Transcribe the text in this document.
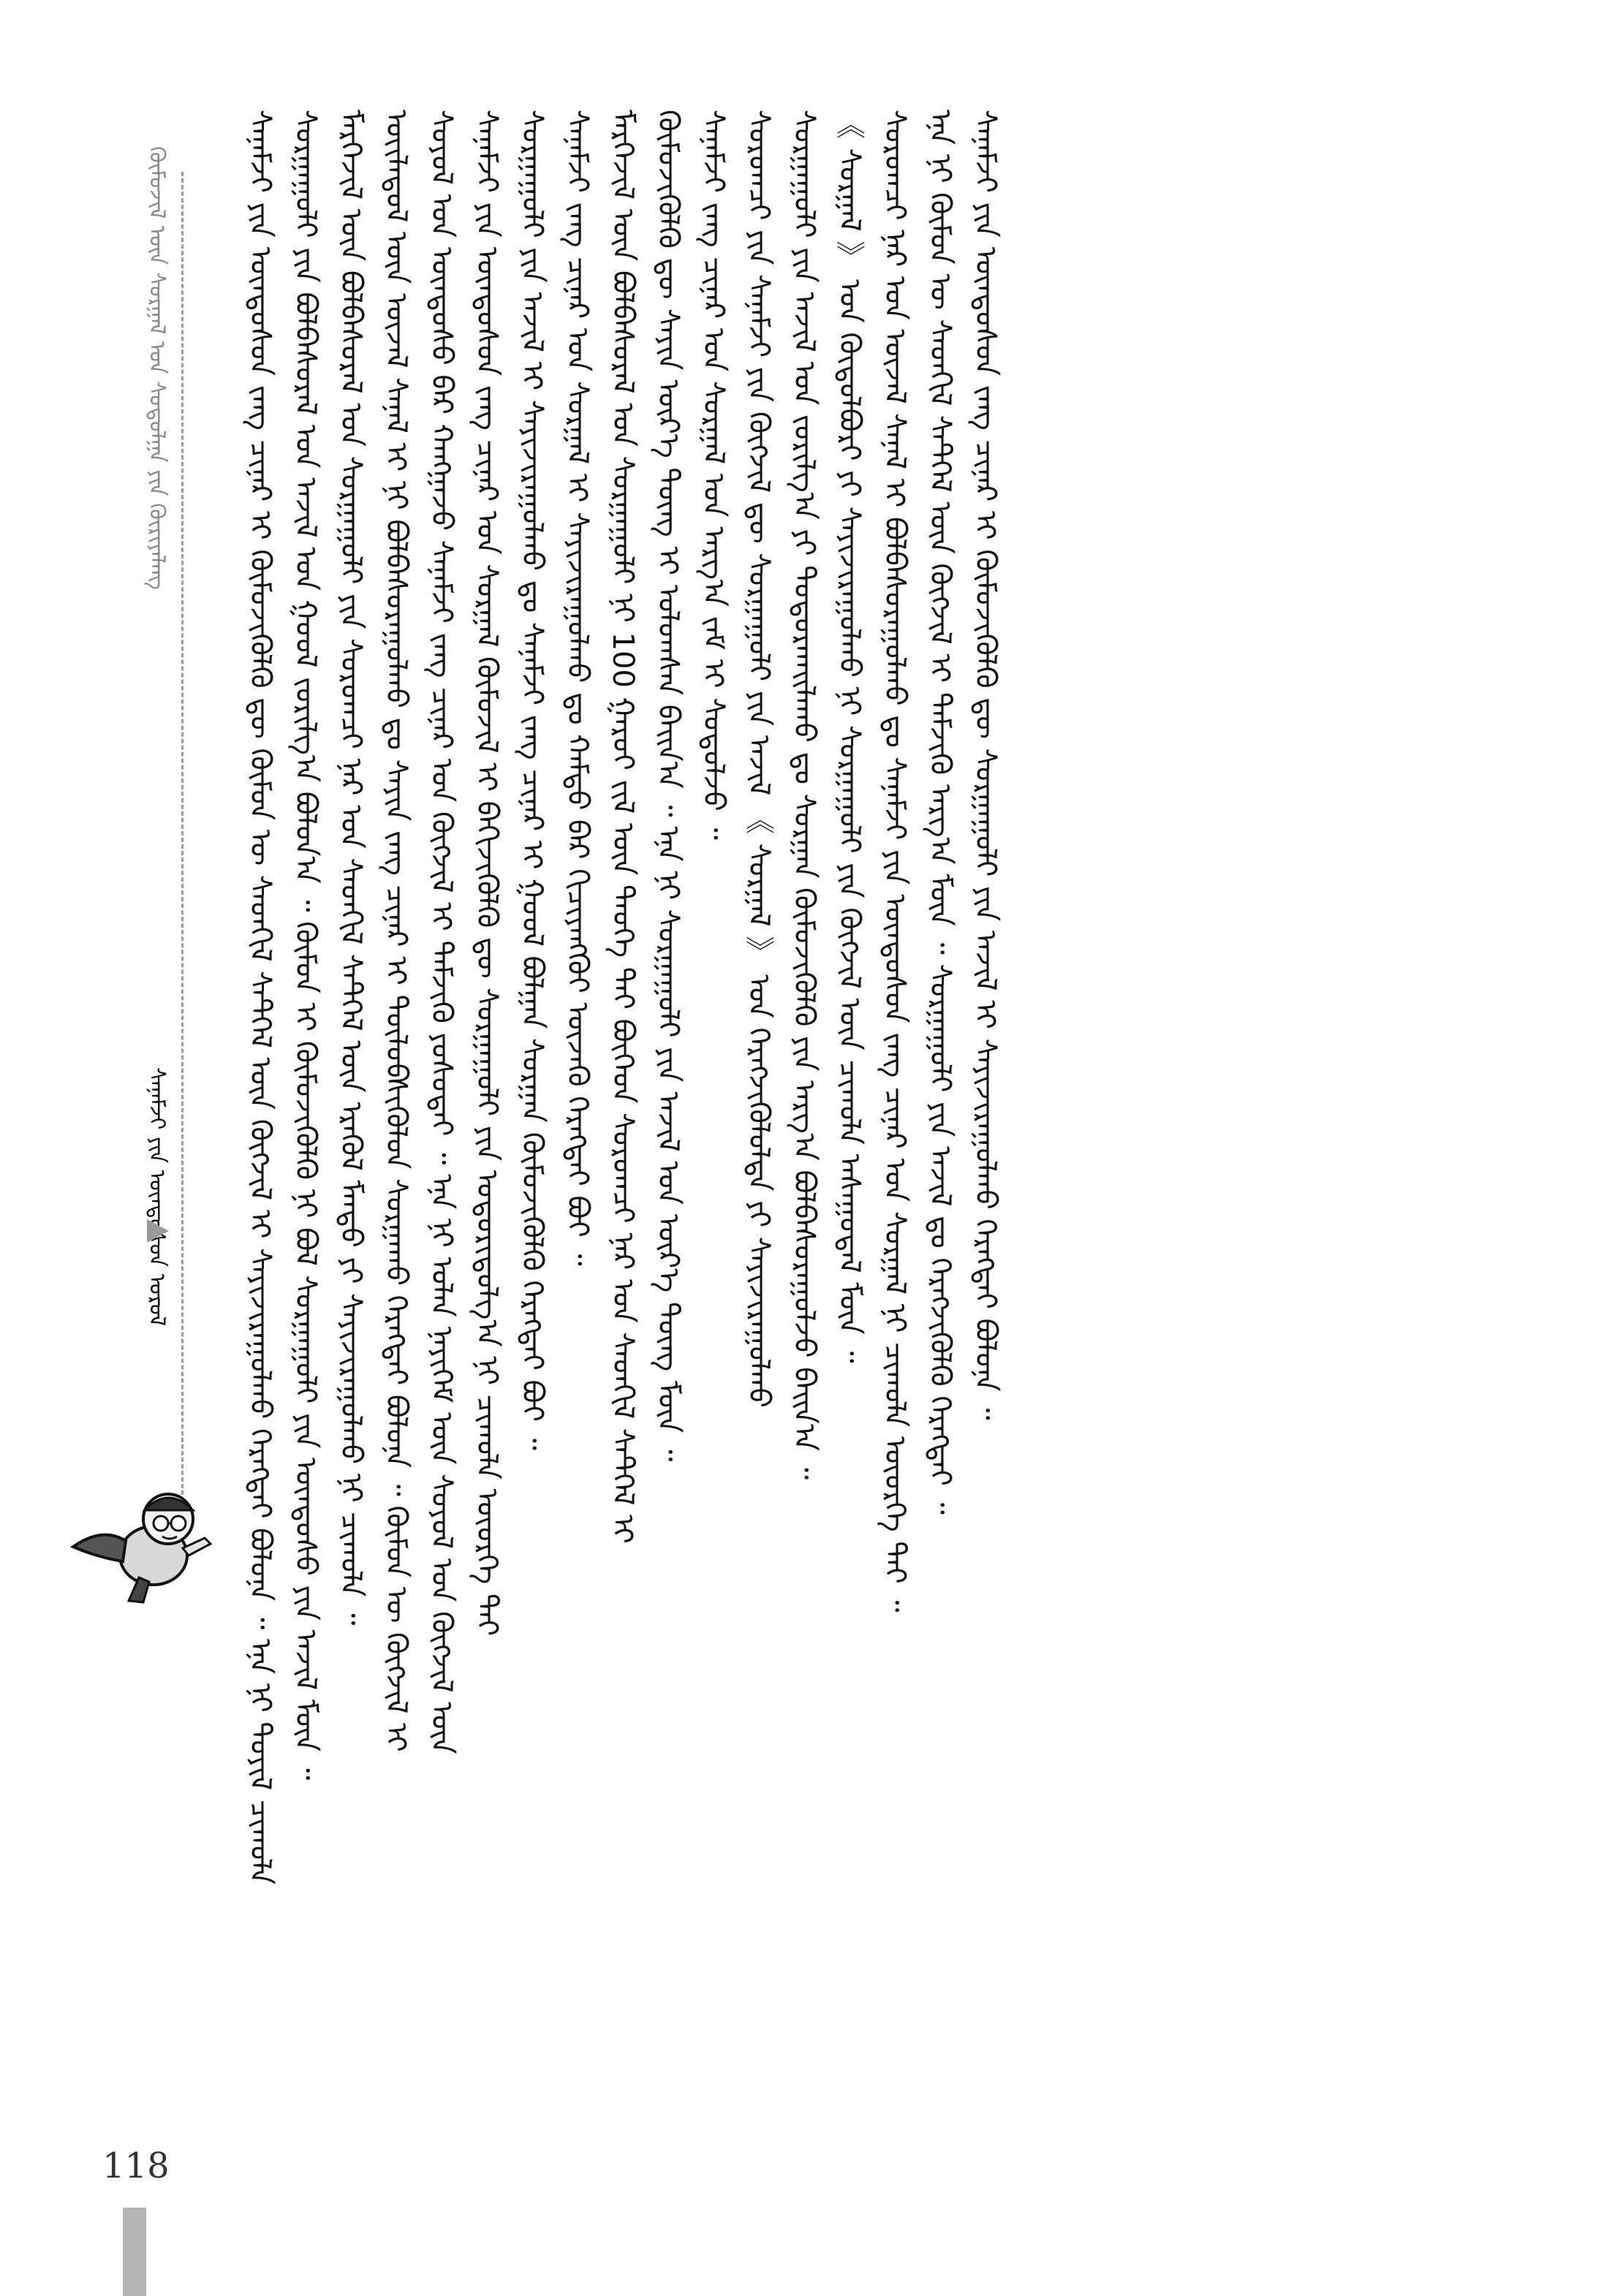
ᠰᠠᠨᠠᠮᠵᠢ ᠶᠢᠨ ᠦᠨᠳᠦᠰᠦᠨ ᠤᠷᠤᠯ
ᠬᠦᠮᠦᠵᠢᠯ ᠦᠨ ᠰᠤᠷᠭᠠᠯ ᠤᠨ ᠰᠤᠳᠤᠯᠭᠠ ᠶᠢᠨ ᠬᠦᠷᠢᠶᠡᠯᠡᠩ	ᠰᠠᠨᠠᠮᠵᠢ ᠶᠢᠨ ᠦᠨᠳᠦᠰᠦᠨ ᠵᠠᠩ ᠴᠢᠨᠠᠷ ᠢ ᠬᠦᠮᠦᠵᠢᠭᠦᠯᠬᠦ ᠳᠦ ᠬᠦᠮᠦᠨ ᠦ ᠰᠡᠳᠬᠢᠯ ᠰᠡᠲᠭᠡᠯ ᠦᠨ ᠬᠥᠭᠵᠢᠯ ᠢ ᠰᠠᠶᠢᠵᠢᠷᠠᠭᠤᠯᠬᠤ ᠬᠡᠷᠡᠭᠲᠡᠢ ᠪᠣᠯᠣᠨᠠ ᠃ ᠡᠨᠡ ᠨᠢ ᠲᠤᠶᠢᠯ ᠴᠢᠬᠤᠯᠠ ᠰᠣᠷᠭᠠᠭᠤᠯᠢ ᠶᠢᠨ ᠪᠣᠯᠪᠠᠰᠤᠷᠠᠯ ᠤᠨ ᠠᠵᠢᠯ ᠤᠨ ᠭᠣᠣᠯ ᠵᠣᠷᠢᠯᠭ᠎ᠠ ᠪᠣᠯᠤᠨ᠎ᠠ ᠃ ᠬᠦᠮᠦᠨ ᠢ ᠬᠦᠮᠦᠵᠢᠭᠦᠯᠬᠦ ᠨᠢ ᠪᠣᠯ ᠰᠣᠷᠭᠠᠭᠤᠯᠢ ᠶᠢᠨ ᠦᠨᠳᠦᠰᠦ ᠶᠢᠨ ᠠᠵᠢᠯ ᠮᠥᠨ ᠃ ᠮᠡᠷᠭᠡᠵᠢᠯ ᠦᠨ ᠪᠣᠯᠪᠠᠰᠤᠷᠠᠯ ᠤᠨ ᠰᠤᠷᠭᠠᠭᠤᠯᠢ ᠶᠢᠨ ᠰᠤᠷᠤᠭᠴᠢ ᠨᠠᠷ ᠤᠨ ᠰᠡᠳᠬᠢᠯ ᠰᠡᠲᠭᠡᠯ ᠦᠨ ᠡᠷᠡᠭᠦᠯ ᠮᠡᠨᠳᠦ ᠶᠢ ᠰᠠᠶᠢᠵᠢᠷᠠᠭᠤᠯᠬᠤ ᠨᠢ ᠴᠢᠬᠤᠯᠠ ᠃ ᠦᠢᠯᠡᠳᠦᠯ ᠦᠨ ᠦᠵᠡᠯ ᠰᠠᠨᠠᠯ ᠢ ᠨᠢ ᠪᠣᠯᠪᠠᠰᠤᠷᠠᠭᠤᠯᠬᠤ ᠳᠤ ᠰᠠᠶᠢᠨ ᠵᠠᠩ ᠴᠢᠨᠠᠷ ᠢ ᠲᠥᠯᠦᠪᠰᠢᠭᠦᠯᠦᠨ ᠰᠤᠷᠭᠠᠬᠤ ᠬᠡᠷᠡᠭᠲᠡᠢ ᠪᠣᠯᠣᠨᠠ ᠃ ᠬᠦᠮᠦᠨ ᠦ ᠬᠥᠭᠵᠢᠯ ᠢ ᠰᠣᠶᠣᠯ ᠤᠨ ᠦᠨᠳᠦᠰᠦ ᠪᠡᠷ ᠬᠠᠩᠭᠠᠵᠤ ᠰᠠᠨᠠᠮᠵᠢ ᠵᠠᠩ ᠴᠢᠨᠠᠷ ᠤᠨ ᠬᠥᠭᠵᠢᠯ ᠢ ᠳᠡᠮᠵᠢᠬᠦ ᠶᠣᠰᠣᠲᠠᠢ ᠃ ᠡᠨᠡ ᠨᠢ ᠣᠯᠠᠨ ᠨᠡᠶᠢᠭᠡᠮ ᠦᠨ ᠰᠣᠶᠣᠯ ᠤᠨ ᠬᠥᠭᠵᠢᠯ ᠦᠨ ᠰᠠᠨᠠᠮᠵᠢ ᠶᠢᠨ ᠦᠨᠳᠦᠰᠦᠨ ᠵᠠᠩ ᠴᠢᠨᠠᠷ ᠤᠨ ᠰᠤᠷᠭᠠᠯ ᠬᠦᠮᠦᠵᠢᠯ ᠢ ᠪᠡᠬᠢᠵᠢᠭᠦᠯᠬᠦ ᠳᠦ ᠰᠤᠷᠭᠠᠭᠤᠯᠢ ᠶᠢᠨ ᠤᠳᠤᠷᠢᠳᠤᠯᠭ᠎ᠠ ᠨᠢ ᠴᠢᠬᠤᠯᠠ ᠦᠦᠷᠭᠡ ᠲᠠᠢ ᠰᠤᠷᠭᠠᠭᠤᠯᠢ ᠶᠢᠨ ᠠᠵᠢᠯ ᠢ ᠰᠠᠶᠢᠵᠢᠷᠠᠭᠤᠯᠬᠤ ᠳᠤ ᠰᠠᠨᠠᠮᠵᠢ ᠵᠠᠩ ᠴᠢᠨᠠᠷ ᠢ ᠭᠣᠣᠯ ᠪᠣᠯᠭᠠᠨ ᠰᠤᠷᠭᠠᠨ ᠬᠦᠮᠦᠵᠢᠭᠦᠯᠬᠦ ᠬᠡᠷᠡᠭᠲᠡᠢ ᠪᠤᠢ ᠃ ᠰᠠᠨᠠᠮᠵᠢ ᠵᠠᠩ ᠴᠢᠨᠠᠷ ᠤᠨ ᠰᠤᠷᠭᠠᠯ ᠢ ᠰᠠᠶᠢᠵᠢᠷᠠᠭᠤᠯᠬᠤ ᠳᠤ ᠬᠠᠮᠲᠤ ᠪᠡᠷ ᠬᠢᠴᠢᠶᠡᠩᠭᠦᠢ ᠦᠵᠡᠬᠦ ᠬᠡᠷᠡᠭᠲᠡᠢ ᠪᠤᠢ ᠃ ᠮᠡᠷᠭᠡᠵᠢᠯ ᠦᠨ ᠪᠣᠯᠪᠠᠰᠤᠷᠠᠯ ᠤᠨ ᠰᠤᠷᠭᠠᠭᠤᠯᠢ ᠨᠢ 100 ᠭᠠᠷᠤᠢ ᠵᠢᠯ ᠦᠨ ᠲᠡᠦᠬᠡ ᠲᠠᠢ ᠪᠥᠭᠡᠳ ᠰᠤᠷᠤᠭᠴᠢ ᠨᠠᠷ ᠤᠨ ᠰᠡᠳᠬᠢᠯ ᠰᠡᠲᠭᠡᠯ ᠢ ᠬᠦᠮᠦᠵᠢᠭᠦᠯᠬᠦ ᠳᠦ ᠰᠠᠶᠢᠨ ᠦᠷ᠎ᠡ ᠳᠦᠩ ᠢ ᠣᠯᠤᠭᠰᠠᠨ ᠪᠠᠢᠨ᠎ᠠ ᠃ ᠡᠨᠡ ᠨᠢ ᠰᠤᠷᠭᠠᠭᠤᠯᠢ ᠶᠢᠨ ᠠᠵᠢᠯ ᠤᠨ ᠦᠷ᠎ᠡ ᠳᠦᠩ ᠮᠥᠨ ᠃ ᠰᠠᠨᠠᠮᠵᠢ ᠵᠠᠩ ᠴᠢᠨᠠᠷ ᠤᠨ ᠰᠤᠷᠭᠠᠯ ᠤᠨ ᠠᠷᠭ᠎ᠠ ᠵᠠᠮ ᠢ ᠰᠤᠳᠤᠯᠵᠤ ᠃ ᠰᠤᠷᠤᠭᠴᠢ ᠶᠢᠨ ᠰᠠᠨᠠᠮᠵᠢ ᠶᠢᠨ ᠬᠥᠭᠵᠢᠯ ᠳᠦ ᠰᠤᠷᠭᠠᠭᠤᠯᠢ ᠶᠢᠨ ᠠᠵᠢᠯ 《 ᠰᠤᠷᠭᠠᠯ 》 ᠤᠨ ᠬᠡᠷᠡᠭᠵᠢᠭᠦᠯᠦᠯᠲᠡ ᠶᠢ ᠰᠠᠶᠢᠵᠢᠷᠠᠭᠤᠯᠬᠤ ᠰᠣᠷᠭᠠᠭᠤᠯᠢ ᠶᠢᠨ ᠠᠵᠢᠯ ᠤᠨ ᠵᠣᠷᠢᠯᠭ᠎ᠠ ᠶᠢ ᠲᠣᠳᠣᠷᠬᠠᠢᠯᠠᠬᠤ ᠳᠤ ᠰᠤᠷᠭᠠᠨ ᠬᠦᠮᠦᠵᠢᠭᠦᠯᠬᠦ ᠶᠢᠨ ᠠᠷᠭ᠎ᠠ ᠪᠣᠯᠪᠠᠰᠤᠷᠠᠭᠤᠯᠵᠤ ᠪᠠᠢᠨ᠎ᠠ ᠃ 《 ᠰᠤᠷᠭᠠᠯ 》 ᠤᠨ ᠬᠥᠲᠥᠯᠪᠦᠷᠢ ᠶᠢ ᠰᠠᠶᠢᠵᠢᠷᠠᠭᠤᠯᠬᠤ ᠨᠢ ᠰᠤᠷᠭᠠᠭᠤᠯᠢ ᠶᠢᠨ ᠬᠥᠭᠵᠢᠯ ᠦᠨ ᠴᠢᠬᠤᠯᠠ ᠠᠰᠠᠭᠤᠳᠠᠯ ᠮᠥᠨ ᠃ ᠰᠤᠷᠤᠭᠴᠢ ᠨᠠᠷ ᠤᠨ ᠦᠵᠡᠯ ᠰᠠᠨᠠᠯ ᠢ ᠪᠣᠯᠪᠠᠰᠤᠷᠠᠭᠤᠯᠬᠤ ᠳᠤ ᠰᠠᠨᠠᠮᠵᠢ ᠶᠢᠨ ᠦᠨᠳᠦᠰᠦᠨ ᠵᠠᠩ ᠴᠢᠨᠠᠷ ᠤᠨ ᠰᠤᠷᠭᠠᠯ ᠨᠢ ᠴᠢᠬᠤᠯᠠ ᠦᠦᠷᠭᠡ ᠲᠠᠢ ᠃ ᠡᠨᠡ ᠨᠢ ᠬᠦᠮᠦᠨ ᠦ ᠰᠡᠳᠬᠢᠯ ᠰᠡᠲᠭᠡᠯ ᠦᠨ ᠬᠥᠭᠵᠢᠯ ᠢ ᠳᠡᠮᠵᠢᠬᠦ ᠠᠷᠭ᠎ᠠ ᠮᠥᠨ ᠃ ᠰᠤᠷᠭᠠᠭᠤᠯᠢ ᠶᠢᠨ ᠠᠵᠢᠯ ᠳᠤ ᠬᠡᠷᠡᠭᠵᠢᠭᠦᠯᠬᠦ ᠬᠡᠷᠡᠭᠲᠡᠢ ᠃ ᠰᠠᠨᠠᠮᠵᠢ ᠶᠢᠨ ᠦᠨᠳᠦᠰᠦᠨ ᠵᠠᠩ ᠴᠢᠨᠠᠷ ᠢ ᠬᠦᠮᠦᠵᠢᠭᠦᠯᠬᠦ ᠳᠦ ᠰᠤᠷᠭᠠᠭᠤᠯᠢ ᠶᠢᠨ ᠠᠵᠢᠯ ᠢ ᠰᠠᠶᠢᠵᠢᠷᠠᠭᠤᠯᠬᠤ ᠬᠡᠷᠡᠭᠲᠡᠢ ᠪᠣᠯᠣᠨᠠ ᠃
118
